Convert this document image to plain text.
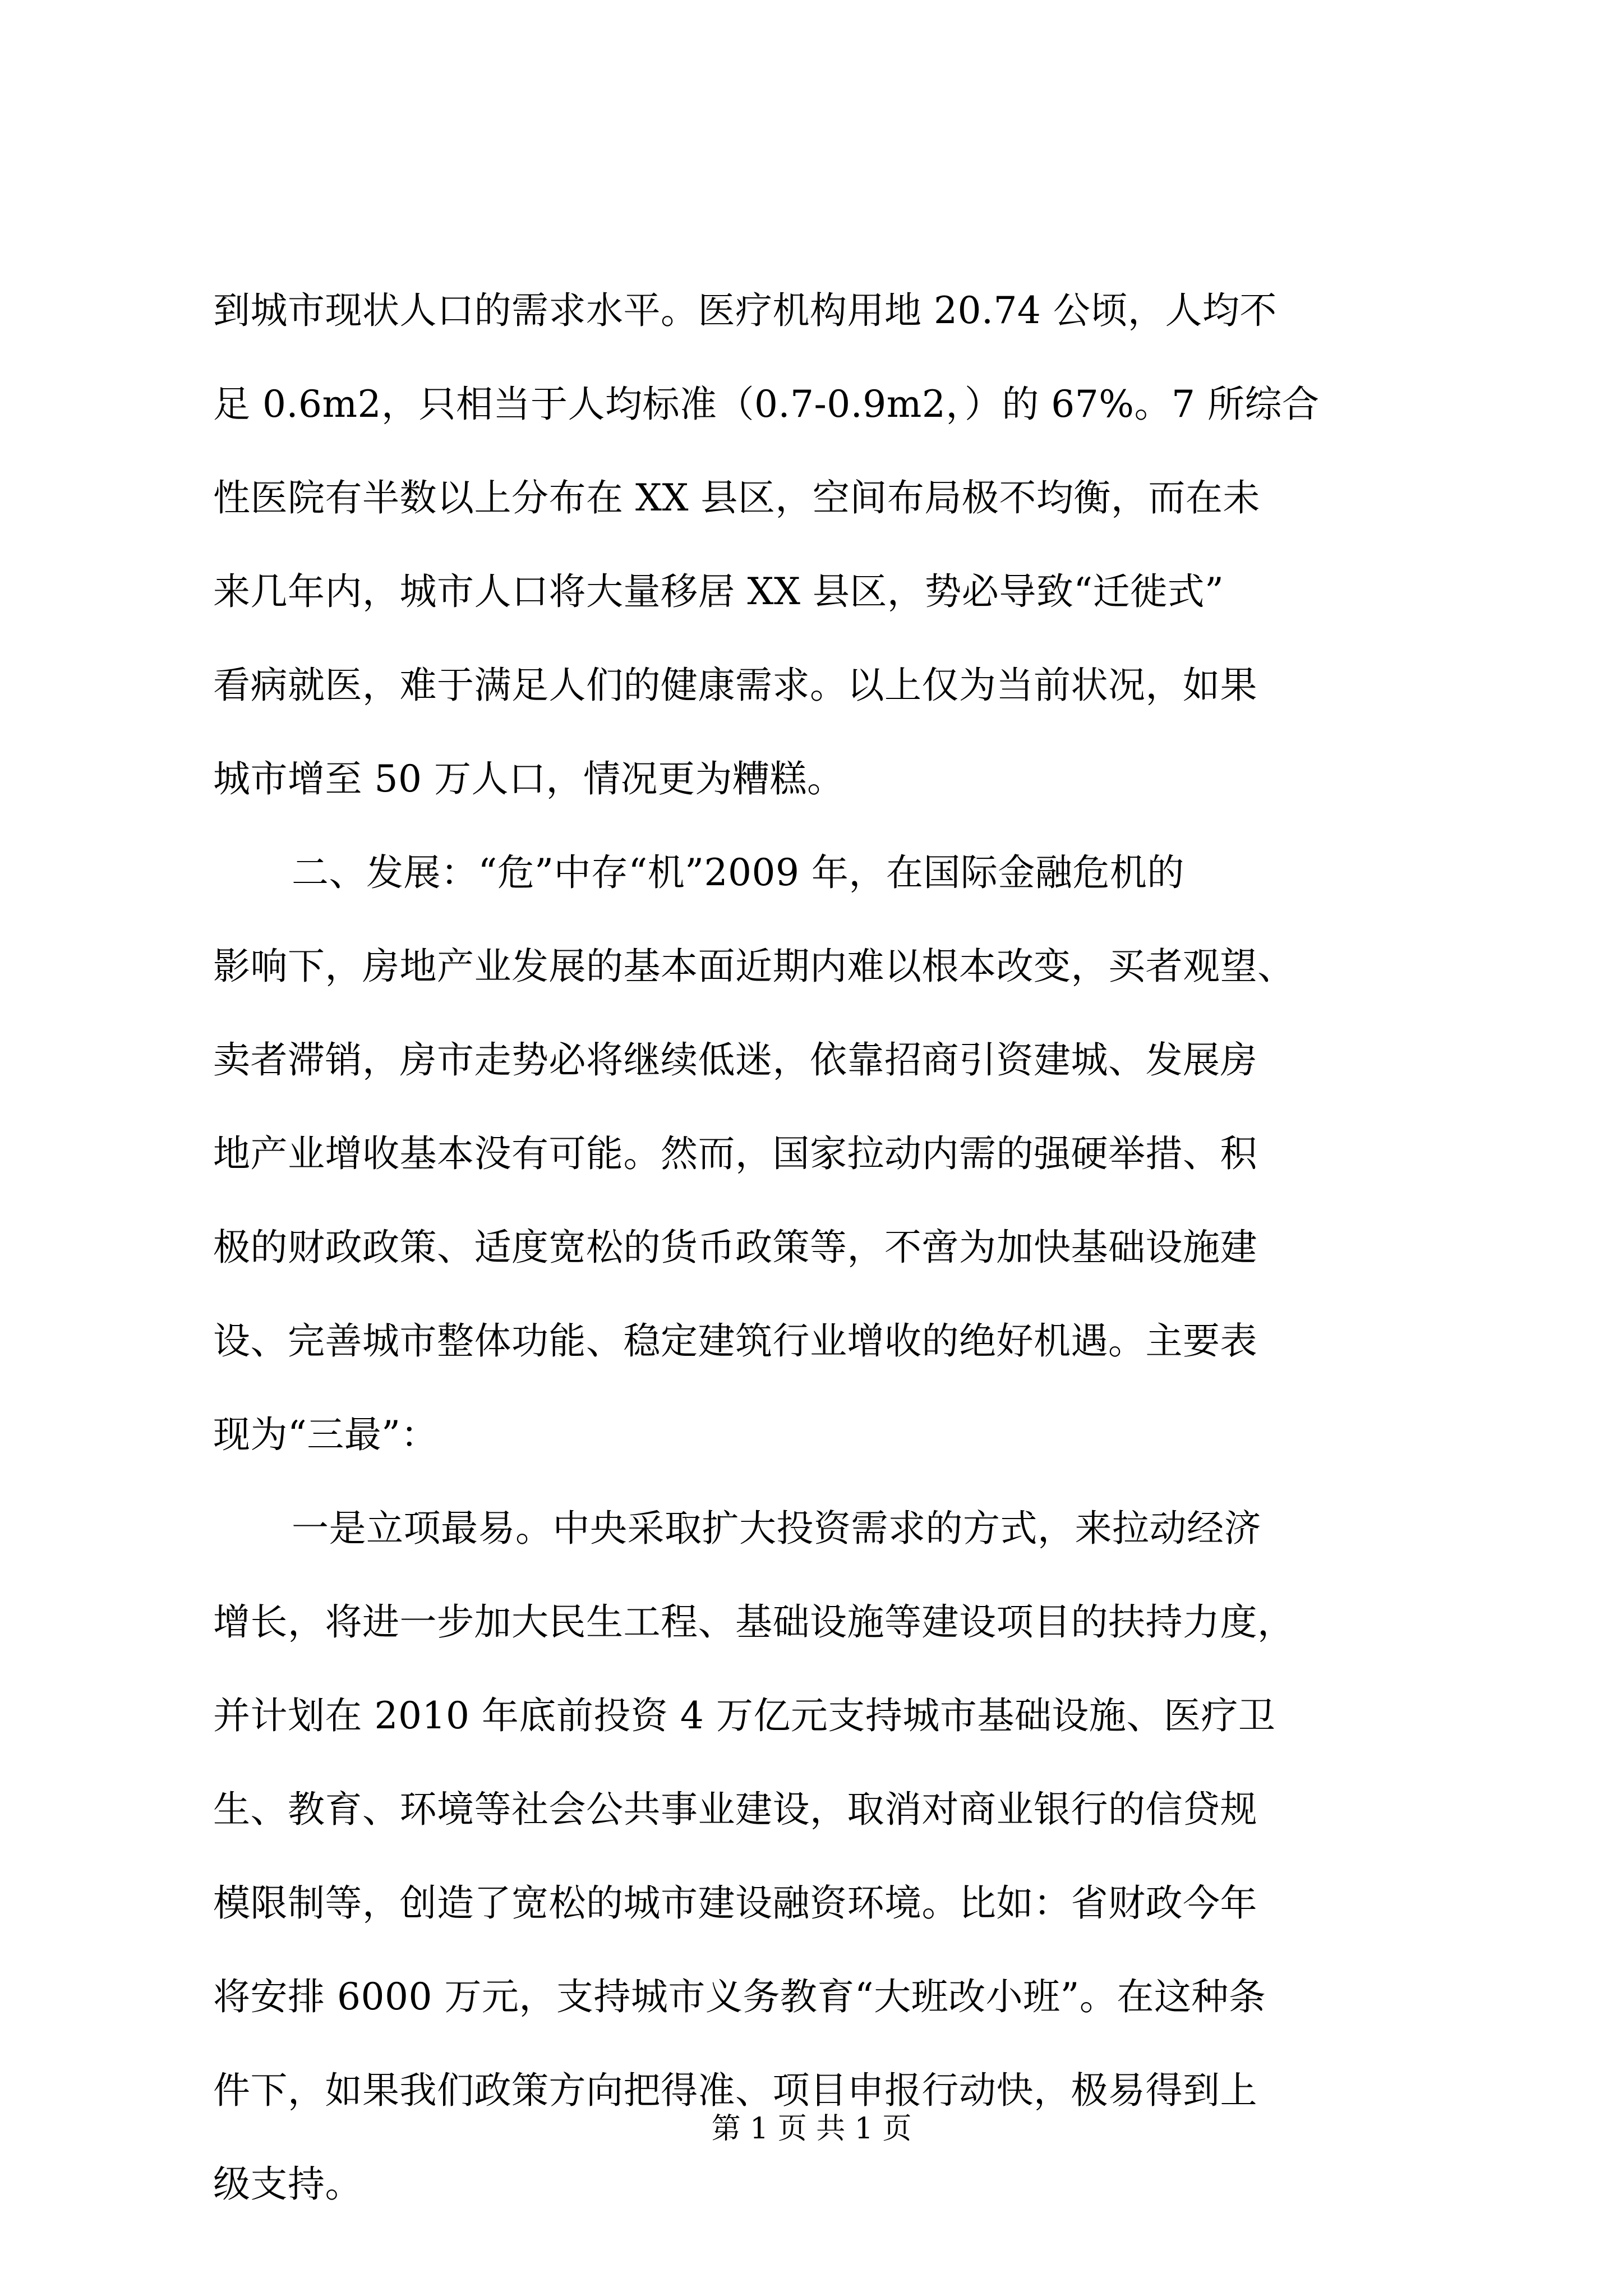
到城市现状人口的需求水平。医疗机构用地 20.74 公顷，人均不
足 0.6m2，只相当于人均标准（0.7-0.9m2，）的 67%。7 所综合
性医院有半数以上分布在 XX 县区，空间布局极不均衡，而在未
来几年内，城市人口将大量移居 XX 县区，势必导致“迁徙式”
看病就医，难于满足人们的健康需求。以上仅为当前状况，如果
城市增至 50 万人口，情况更为糟糕。
二、发展：“危”中存“机”2009 年，在国际金融危机的
影响下，房地产业发展的基本面近期内难以根本改变，买者观望、
卖者滞销，房市走势必将继续低迷，依靠招商引资建城、发展房
地产业增收基本没有可能。然而，国家拉动内需的强硬举措、积
极的财政政策、适度宽松的货币政策等，不啻为加快基础设施建
设、完善城市整体功能、稳定建筑行业增收的绝好机遇。主要表
现为“三最”：
一是立项最易。中央采取扩大投资需求的方式，来拉动经济
增长，将进一步加大民生工程、基础设施等建设项目的扶持力度，
并计划在 2010 年底前投资 4 万亿元支持城市基础设施、医疗卫
生、教育、环境等社会公共事业建设，取消对商业银行的信贷规
模限制等，创造了宽松的城市建设融资环境。比如：省财政今年
将安排 6000 万元，支持城市义务教育“大班改小班”。在这种条
件下，如果我们政策方向把得准、项目申报行动快，极易得到上
级支持。
第 1 页 共 1 页
